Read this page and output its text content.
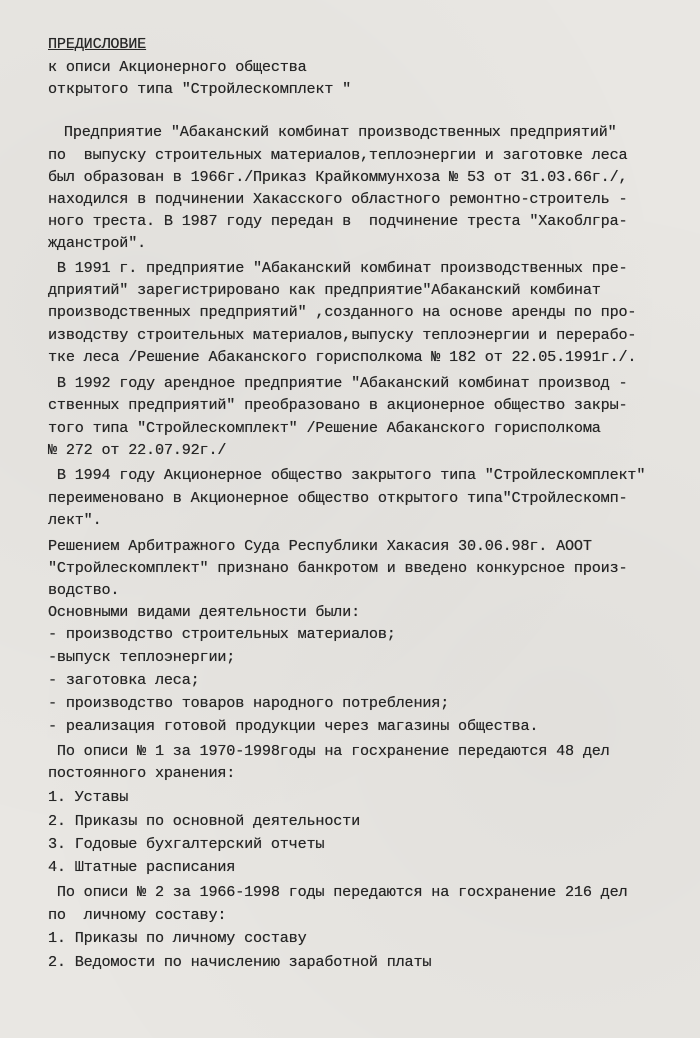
ПРЕДИСЛОВИЕ
к описи Акционерного общества
открытого типа "Стройлескомплект "
Предприятие "Абаканский комбинат производственных предприятий"
по  выпуску строительных материалов,теплоэнергии и заготовке леса
был образован в 1966г./Приказ Крайкоммунхоза № 53 от 31.03.66г./,
находился в подчинении Хакасского областного ремонтно-строитель -
ного треста. В 1987 году передан в  подчинение треста "Хакоблгра-
жданстрой".
В 1991 г. предприятие "Абаканский комбинат производственных пре-
дприятий" зарегистрировано как предприятие"Абаканский комбинат
производственных предприятий" ,созданного на основе аренды по про-
изводству строительных материалов,выпуску теплоэнергии и перерабо-
тке леса /Решение Абаканского горисполкома № 182 от 22.05.1991г./.
В 1992 году арендное предприятие "Абаканский комбинат производ -
ственных предприятий" преобразовано в акционерное общество закры-
того типа "Стройлескомплект" /Решение Абаканского горисполкома
№ 272 от 22.07.92г./
В 1994 году Акционерное общество закрытого типа "Стройлескомплект"
переименовано в Акционерное общество открытого типа"Стройлескомп-
лект".
Решением Арбитражного Суда Республики Хакасия 30.06.98г. АООТ
"Стройлескомплект" признано банкротом и введено конкурсное произ-
водство.
Основными видами деятельности были:
- производство строительных материалов;
-выпуск теплоэнергии;
- заготовка леса;
- производство товаров народного потребления;
- реализация готовой продукции через магазины общества.
По описи № 1 за 1970-1998годы на госхранение передаются 48 дел
постоянного хранения:
1. Уставы
2. Приказы по основной деятельности
3. Годовые бухгалтерский отчеты
4. Штатные расписания
По описи № 2 за 1966-1998 годы передаются на госхранение 216 дел
по  личному составу:
1. Приказы по личному составу
2. Ведомости по начислению заработной платы
